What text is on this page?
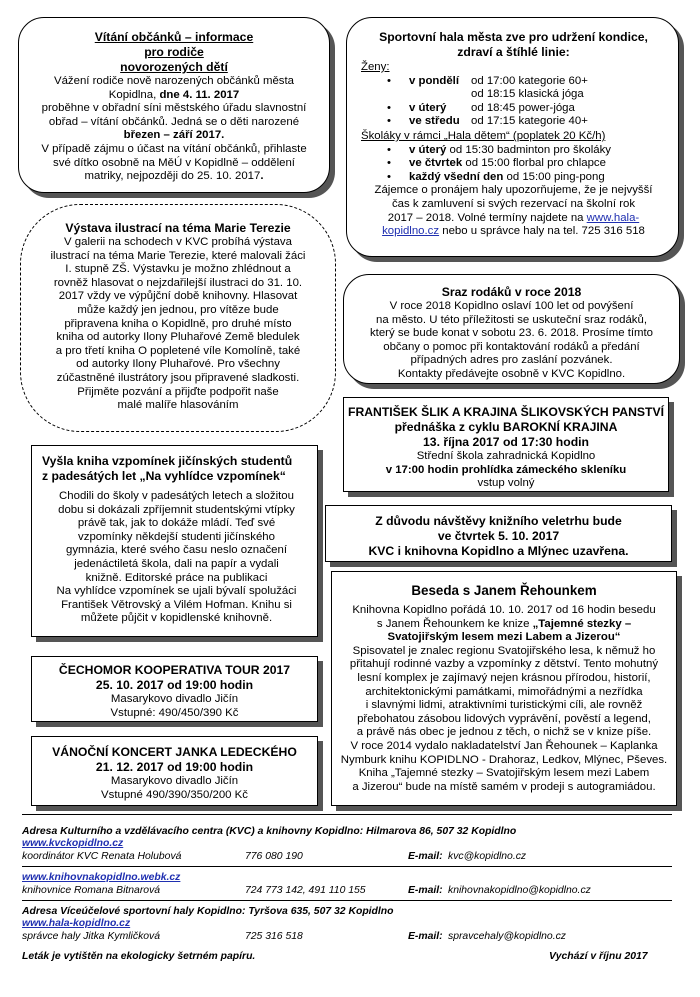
Vítání občánků – informace
pro rodiče
novorozených dětí
Vážení rodiče nově narozených občánků města
Kopidlna, dne 4. 11. 2017
proběhne v obřadní síni městského úřadu slavnostní
obřad – vítání občánků. Jedná se o děti narozené
březen – září 2017.
V případě zájmu o účast na vítání občánků, přihlaste
své dítko osobně na MěÚ v Kopidlně – oddělení
matriky, nejpozději do 25. 10. 2017.
Sportovní hala města zve pro udržení kondice,
zdraví a štíhlé linie:
Ženy:
• v pondělí od 17:00 kategorie 60+
od 18:15 klasická jóga
• v úterý od 18:45 power-jóga
• ve středu od 17:15 kategorie 40+
Školáky v rámci „Hala dětem“ (poplatek 20 Kč/h)
• v úterý od 15:30 badminton pro školáky
• ve čtvrtek od 15:00 florbal pro chlapce
• každý všední den od 15:00 ping-pong
Zájemce o pronájem haly upozorňujeme, že je nejvyšší
čas k zamluvení si svých rezervací na školní rok
2017 – 2018. Volné termíny najdete na www.hala-
kopidlno.cz nebo u správce haly na tel. 725 316 518
Výstava ilustrací na téma Marie Terezie
V galerii na schodech v KVC probíhá výstava
ilustrací na téma Marie Terezie, které malovali žáci
I. stupně ZŠ. Výstavku je možno zhlédnout a
rovněž hlasovat o nejzdařilejší ilustraci do 31. 10.
2017 vždy ve výpůjční době knihovny. Hlasovat
může každý jen jednou, pro vítěze bude
připravena kniha o Kopidlně, pro druhé místo
kniha od autorky Ilony Pluhařové Země bledulek
a pro třetí kniha O popletené víle Komolíně, také
od autorky Ilony Pluhařové. Pro všechny
zúčastněné ilustrátory jsou připravené sladkosti.
Přijměte pozvání a přijďte podpořit naše
malé malíře hlasováním
Sraz rodáků v roce 2018
V roce 2018 Kopidlno oslaví 100 let od povýšení
na město. U této příležitosti se uskuteční sraz rodáků,
který se bude konat v sobotu 23. 6. 2018. Prosíme tímto
občany o pomoc při kontaktování rodáků a předání
případných adres pro zaslání pozvánek.
Kontakty předávejte osobně v KVC Kopidlno.
FRANTIŠEK ŠLIK A KRAJINA ŠLIKOVSKÝCH PANSTVÍ
přednáška z cyklu BAROKNÍ KRAJINA
13. října 2017 od 17:30 hodin
Střední škola zahradnická Kopidlno
v 17:00 hodin prohlídka zámeckého skleníku
vstup volný
Z důvodu návštěvy knižního veletrhu bude
ve čtvrtek 5. 10. 2017
KVC i knihovna Kopidlno a Mlýnec uzavřena.
Vyšla kniha vzpomínek jičínských studentů
z padesátých let „Na vyhlídce vzpomínek“
Chodili do školy v padesátých letech a složitou
dobu si dokázali zpříjemnit studentskými vtípky
právě tak, jak to dokáže mládí. Teď své
vzpomínky někdejší studenti jičínského
gymnázia, které svého času neslo označení
jedenáctiletá škola, dali na papír a vydali
knižně. Editorské práce na publikaci
Na vyhlídce vzpomínek se ujali bývalí spolužáci
František Větrovský a Vilém Hofman. Knihu si
můžete půjčit v kopidlenské knihovně.
ČECHOMOR KOOPERATIVA TOUR 2017
25. 10. 2017 od 19:00 hodin
Masarykovo divadlo Jičín
Vstupné: 490/450/390 Kč
VÁNOČNÍ KONCERT JANKA LEDECKÉHO
21. 12. 2017 od 19:00 hodin
Masarykovo divadlo Jičín
Vstupné 490/390/350/200 Kč
Beseda s Janem Řehounkem
Knihovna Kopidlno pořádá 10. 10. 2017 od 16 hodin besedu
s Janem Řehounkem ke knize „Tajemné stezky –
Svatojiřským lesem mezi Labem a Jizerou“
Spisovatel je znalec regionu Svatojiřského lesa, k němuž ho
přitahují rodinné vazby a vzpomínky z dětství. Tento mohutný
lesní komplex je zajímavý nejen krásnou přírodou, historií,
architektonickými památkami, mimořádnými a nezřídka
i slavnými lidmi, atraktivními turistickými cíli, ale rovněž
přebohatou zásobou lidových vyprávění, pověstí a legend,
a právě nás obec je jednou z těch, o nichž se v knize píše.
V roce 2014 vydalo nakladatelství Jan Řehounek – Kaplanka
Nymburk knihu KOPIDLNO - Drahoraz, Ledkov, Mlýnec, Pševes.
Kniha „Tajemné stezky – Svatojiřským lesem mezi Labem
a Jizerou“ bude na místě samém v prodeji s autogramiádou.
Adresa Kulturního a vzdělávacího centra (KVC) a knihovny Kopidlno: Hilmarova 86, 507 32 Kopidlno
www.kvckopidlno.cz
koordinátor KVC Renata Holubová	776 080 190	E-mail: kvc@kopidlno.cz
www.knihovnakopidlno.webk.cz
knihovnice Romana Bitnarová	724 773 142, 491 110 155	E-mail: knihovnakopidlno@kopidlno.cz
Adresa Víceúčelové sportovní haly Kopidlno: Tyršova 635, 507 32 Kopidlno
www.hala-kopidlno.cz
správce haly Jitka Kymličková	725 316 518	E-mail: spravcehaly@kopidlno.cz
Leták je vytištěn na ekologicky šetrném papíru.	Vychází v říjnu 2017
